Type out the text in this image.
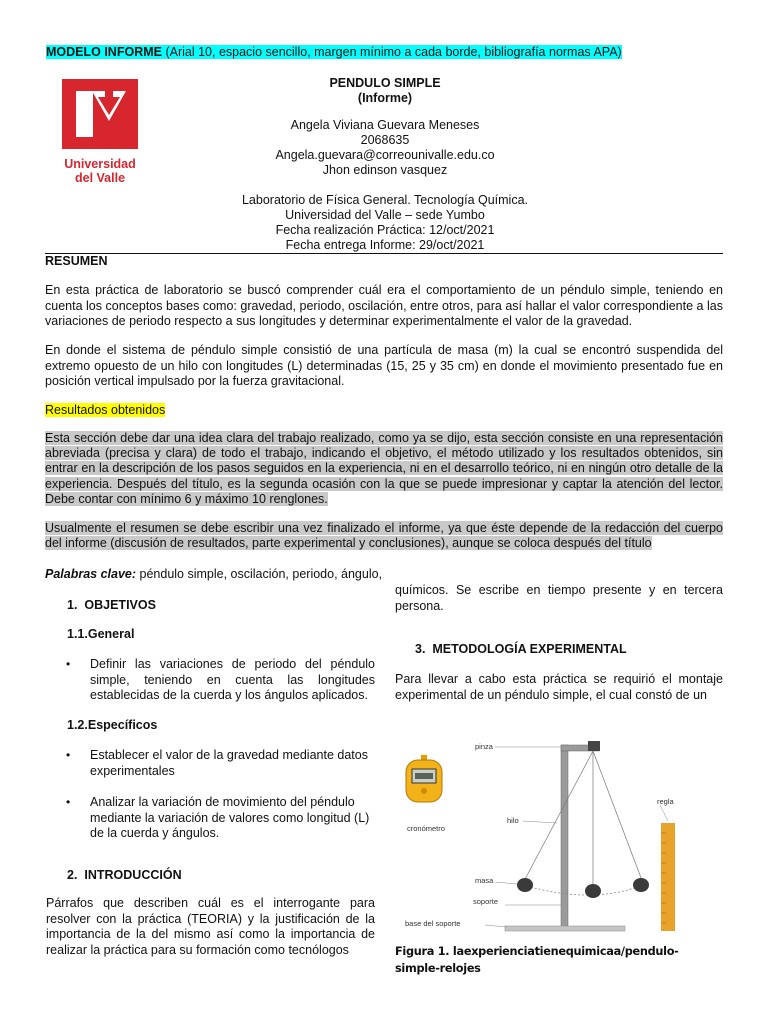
MODELO INFORME (Arial 10, espacio sencillo, margen mínimo a cada borde, bibliografía normas APA)
Universidad
del Valle
PENDULO SIMPLE
(Informe)
Angela Viviana Guevara Meneses
2068635
Angela.guevara@correounivalle.edu.co
Jhon edinson vasquez
Laboratorio de Física General. Tecnología Química.
Universidad del Valle – sede Yumbo
Fecha realización Práctica: 12/oct/2021
Fecha entrega Informe: 29/oct/2021
RESUMEN

En esta práctica de laboratorio se buscó comprender cuál era el comportamiento de un péndulo simple, teniendo en cuenta los conceptos bases como: gravedad, periodo, oscilación, entre otros, para así hallar el valor correspondiente a las variaciones de periodo respecto a sus longitudes y determinar experimentalmente el valor de la gravedad.

En donde el sistema de péndulo simple consistió de una partícula de masa (m) la cual se encontró suspendida del extremo opuesto de un hilo con longitudes (L) determinadas (15, 25 y 35 cm) en donde el movimiento presentado fue en posición vertical impulsado por la fuerza gravitacional.

Resultados obtenidos

Esta sección debe dar una idea clara del trabajo realizado, como ya se dijo, esta sección consiste en una representación abreviada (precisa y clara) de todo el trabajo, indicando el objetivo, el método utilizado y los resultados obtenidos, sin entrar en la descripción de los pasos seguidos en la experiencia, ni en el desarrollo teórico, ni en ningún otro detalle de la experiencia. Después del título, es la segunda ocasión con la que se puede impresionar y captar la atención del lector. Debe contar con mínimo 6 y máximo 10 renglones.

Usualmente el resumen se debe escribir una vez finalizado el informe, ya que éste depende de la redacción del cuerpo del informe (discusión de resultados, parte experimental y conclusiones), aunque se coloca después del título

Palabras clave: péndulo simple, oscilación, periodo, ángulo,
1. OBJETIVOS
1.1.General
• Definir las variaciones de periodo del péndulo simple, teniendo en cuenta las longitudes establecidas de la cuerda y los ángulos aplicados.
1.2.Específicos
• Establecer el valor de la gravedad mediante datos experimentales
• Analizar la variación de movimiento del péndulo mediante la variación de valores como longitud (L) de la cuerda y ángulos.
2. INTRODUCCIÓN

Párrafos que describen cuál es el interrogante para resolver con la práctica (TEORIA) y la justificación de la importancia de la del mismo así como la importancia de realizar la práctica para su formación como tecnólogos

químicos. Se escribe en tiempo presente y en tercera persona.

3. METODOLOGÍA EXPERIMENTAL

Para llevar a cabo esta práctica se requirió el montaje experimental de un péndulo simple, el cual constó de un

pinza
regla
hilo
cronómetro
masa
soporte
base del soporte
Figura 1. laexperienciatienequimicaa/pendulo-simple-relojes
